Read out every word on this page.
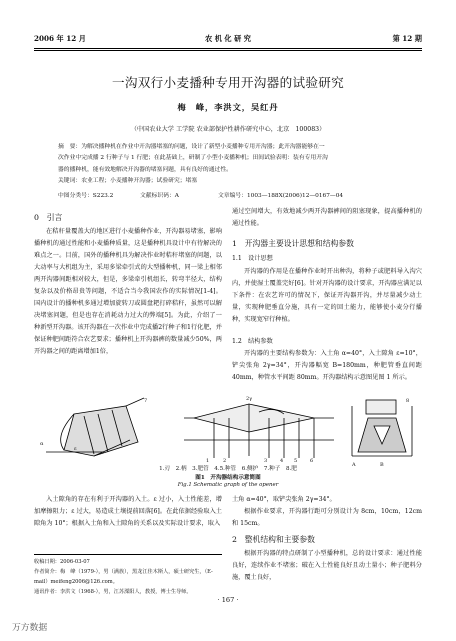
2006 年 12 月	农 机 化 研 究	第 12 期
一沟双行小麦播种专用开沟器的试验研究
梅　峰，李洪文，吴红丹
（中国农业大学 工学院 农业部保护性耕作研究中心，北京　100083）

摘　要：为解决播种机在作业中开沟器堵塞的问题，设计了新型小麦播种专用开沟器；此开沟器能够在一

次作业中完成播 2 行种子与 1 行肥；在此基础上，研制了小型小麦播种机；田间试验表明：装有专用开沟

器的播种机，能有效地解决开沟器的堵塞问题，具有良好的通过性。

关键词：农业工程；小麦播种开沟器；试验研究；堵塞

中图分类号：S223.2	文献标识码：A	文章编号：1003—188X(2006)12—0167—04
0　引言

在秸秆量覆盖大的地区进行小麦播种作业，开沟器易堵塞，影响播种机的通过性能和小麦播种质量，这是播种机具设计中有待解决的难点之一。目前，国外的播种机具为解决作业时秸秆堵塞的问题，以大动率与大机组为主，采用多梁牵引式的大型播种机，同一梁上相邻两开沟器间距相对较大，但是，多梁牵引机组长，转弯半径大，结构复杂以及价格昂贵等问题，不适合当今我国农作的实际情况[1-4]。国内设计的播种机多通过增加旋转刀或圆盘耙打碎秸秆，虽然可以解决堵塞问题，但是也存在消耗动力过大的弊端[5]。为此，介绍了一种新型开沟器。该开沟器在一次作业中完成播2行种子和1行化肥，并保证种肥间距符合农艺要求；播种机上开沟器裤的数量减少50%，两开沟器之间的距离增加1倍，

通过空间增大，有效地减少两开沟器裤间的阻塞现象，提高播种机的通过性能。

1　开沟器主要设计思想和结构参数
1.1　设计思想

开沟器的作用是在播种作业时开出种沟，将种子或肥料导入沟穴内，并使湿土覆盖完好[6]。针对开沟器的设计要求，开沟器应满足以下条件：在农艺许可的情况下，保证开沟器开沟，并尽量减少动土量，实现种肥垂直分施，具有一定的回土能力，能够使小麦分行播种，实现宽窄行种植。

1.2　结构参数

开沟器的主要结构参数为：入土角 α=40°，入土隙角 ε=10°，铲尖张角 2γ=34°，开沟器幅宽 B=180mm，种肥管垂直间距 40mm，种管水平间距 80mm。开沟器结构示意图见图 1 所示。

α
ε
2γ
1	2	3	4 5	6
7	8
A	B
1.刃　2.柄　3.肥管　4.5.种管　6.侧护　7.种子　8.肥
图1　开沟器结构示意简图
Fig.1 Schematic graph of the opener

入土隙角的存在有利于开沟器的入土。ε 过小，入土性能差，增加摩擦阻力；ε 过大，易造成土壤提前回落[6]。在此依据经验取入土隙角为 10°；根据入土角和入土隙角的关系以及实际设计要求，取入

土角 α=40°，取铲尖张角 2γ=34°。

根据作业要求，开沟器行距可分别设计为 8cm，10cm，12cm 和 15cm。

2　整机结构和主要参数

根据开沟器的特点研制了小型播种机，总的设计要求：通过性能良好，连续作业不堵塞；破在入土性能良好且动土量小；种子肥料分施，覆土良好，

收稿日期：2006-03-07

作者简介：梅　峰（1979-），男（满族），黑龙江佳木斯人，硕士研究生，（E-mail）meifeng2006@126.com。

通讯作者：李洪文（1968-），男，江苏溧阳人，教授，博士生导师。

· 167 ·
万方数据
